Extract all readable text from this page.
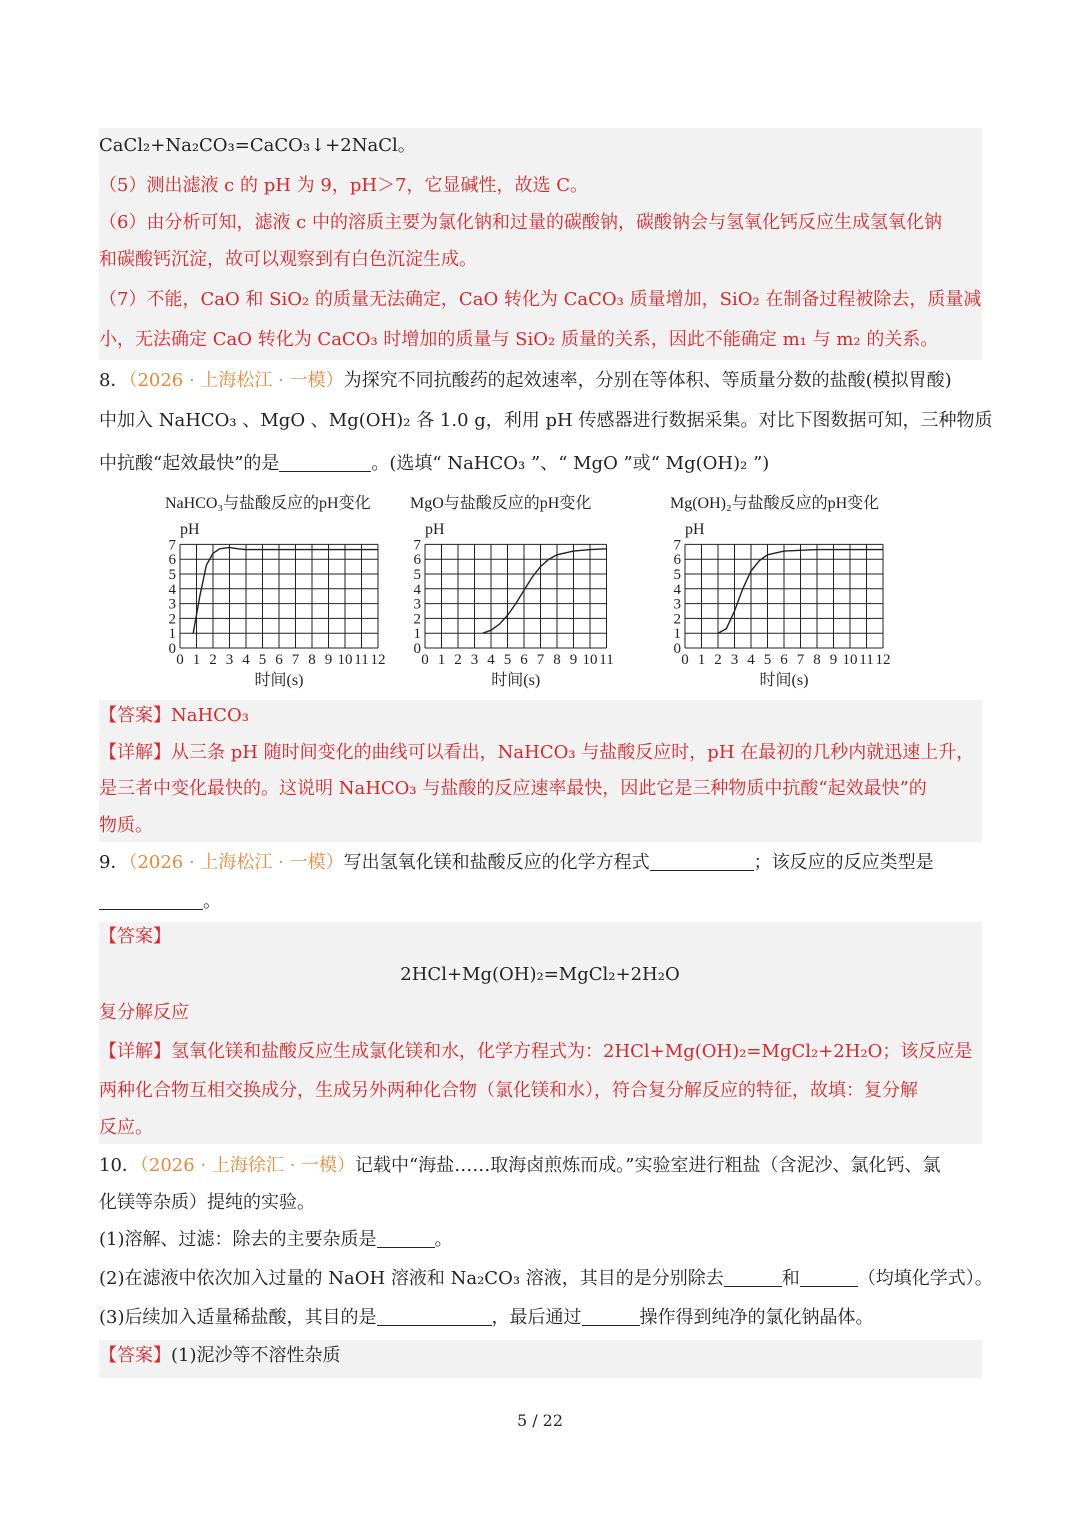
CaCl₂+Na₂CO₃=CaCO₃↓+2NaCl。
（5）测出滤液 c 的 pH 为 9，pH＞7，它显碱性，故选 C。
（6）由分析可知，滤液 c 中的溶质主要为氯化钠和过量的碳酸钠，碳酸钠会与氢氧化钙反应生成氢氧化钠
和碳酸钙沉淀，故可以观察到有白色沉淀生成。
（7）不能，CaO 和 SiO₂ 的质量无法确定，CaO 转化为 CaCO₃ 质量增加，SiO₂ 在制备过程被除去，质量减
小，无法确定 CaO 转化为 CaCO₃ 时增加的质量与 SiO₂ 质量的关系，因此不能确定 m₁ 与 m₂ 的关系。
8．（2026 · 上海松江 · 一模）为探究不同抗酸药的起效速率，分别在等体积、等质量分数的盐酸(模拟胃酸)
中加入 NaHCO₃ 、MgO 、Mg(OH)₂ 各 1.0 g，利用 pH 传感器进行数据采集。对比下图数据可知，三种物质
中抗酸“起效最快”的是	。(选填“ NaHCO₃ ”、“ MgO ”或“ Mg(OH)₂ ”)
NaHCO₃与盐酸反应的pH变化
pH
0 1 2 3 4 5 6 7 8 9 10 11 12
0
1
2
3
4
5
6
7
时间(s)
MgO与盐酸反应的pH变化
pH
0 1 2 3 4 5 6 7 8 9 10 11
0
1
2
3
4
5
6
7
时间(s)
Mg(OH)₂与盐酸反应的pH变化
pH
0 1 2 3 4 5 6 7 8 9 10 11 12
0
1
2
3
4
5
6
7
时间(s)
【答案】NaHCO₃
【详解】从三条 pH 随时间变化的曲线可以看出，NaHCO₃ 与盐酸反应时，pH 在最初的几秒内就迅速上升，
是三者中变化最快的。这说明 NaHCO₃ 与盐酸的反应速率最快，因此它是三种物质中抗酸“起效最快”的
物质。
9．（2026 · 上海松江 · 一模）写出氢氧化镁和盐酸反应的化学方程式	；该反应的反应类型是
。
【答案】
2HCl+Mg(OH)₂=MgCl₂+2H₂O
复分解反应
【详解】氢氧化镁和盐酸反应生成氯化镁和水，化学方程式为：2HCl+Mg(OH)₂=MgCl₂+2H₂O；该反应是
两种化合物互相交换成分，生成另外两种化合物（氯化镁和水），符合复分解反应的特征，故填：复分解
反应。
10．（2026 · 上海徐汇 · 一模）记载中“海盐……取海卤煎炼而成。”实验室进行粗盐（含泥沙、氯化钙、氯
化镁等杂质）提纯的实验。
(1)溶解、过滤：除去的主要杂质是	。
(2)在滤液中依次加入过量的 NaOH 溶液和 Na₂CO₃ 溶液，其目的是分别除去	和	（均填化学式）。
(3)后续加入适量稀盐酸，其目的是	，最后通过	操作得到纯净的氯化钠晶体。
【答案】(1)泥沙等不溶性杂质
5 / 22
